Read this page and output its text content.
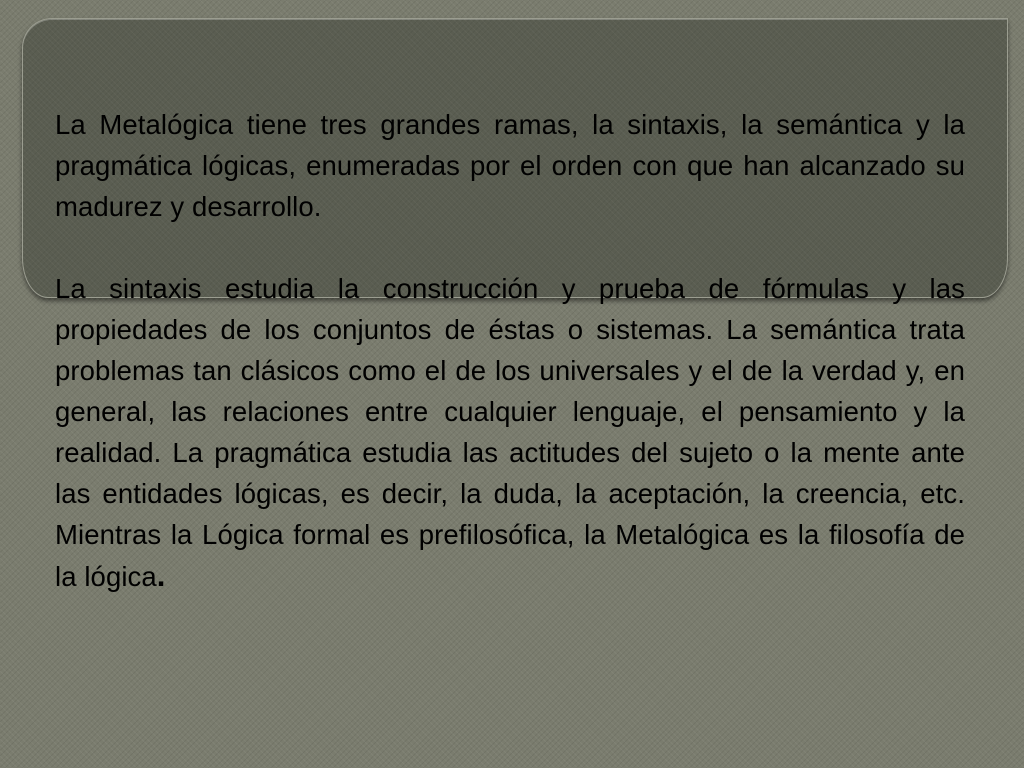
La Metalógica tiene tres grandes ramas, la sintaxis, la semántica y la pragmática lógicas, enumeradas por el orden con que han alcanzado su madurez y desarrollo.

La sintaxis estudia la construcción y prueba de fórmulas y las propiedades de los conjuntos de éstas o sistemas. La semántica trata problemas tan clásicos como el de los universales y el de la verdad y, en general, las relaciones entre cualquier lenguaje, el pensamiento y la realidad. La pragmática estudia las actitudes del sujeto o la mente ante las entidades lógicas, es decir, la duda, la aceptación, la creencia, etc. Mientras la Lógica formal es prefilosófica, la Metalógica es la filosofía de la lógica.
